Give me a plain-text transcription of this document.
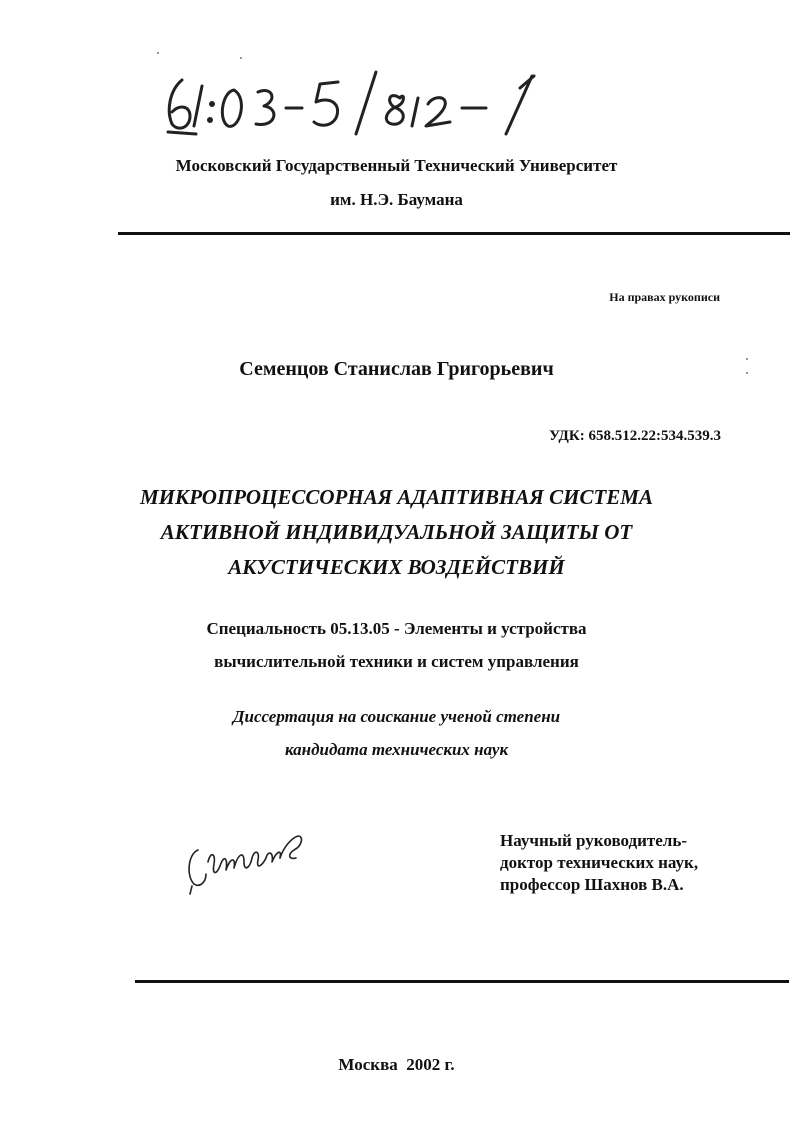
Московский Государственный Технический Университет
им. Н.Э. Баумана
На правах рукописи
Семенцов Станислав Григорьевич
УДК: 658.512.22:534.539.3
МИКРОПРОЦЕССОРНАЯ АДАПТИВНАЯ СИСТЕМА
АКТИВНОЙ ИНДИВИДУАЛЬНОЙ ЗАЩИТЫ ОТ
АКУСТИЧЕСКИХ ВОЗДЕЙСТВИЙ
Специальность 05.13.05 - Элементы и устройства
вычислительной техники и систем управления
Диссертация на соискание ученой степени
кандидата технических наук
Научный руководитель-
доктор технических наук,
профессор Шахнов В.А.
Москва  2002 г.
